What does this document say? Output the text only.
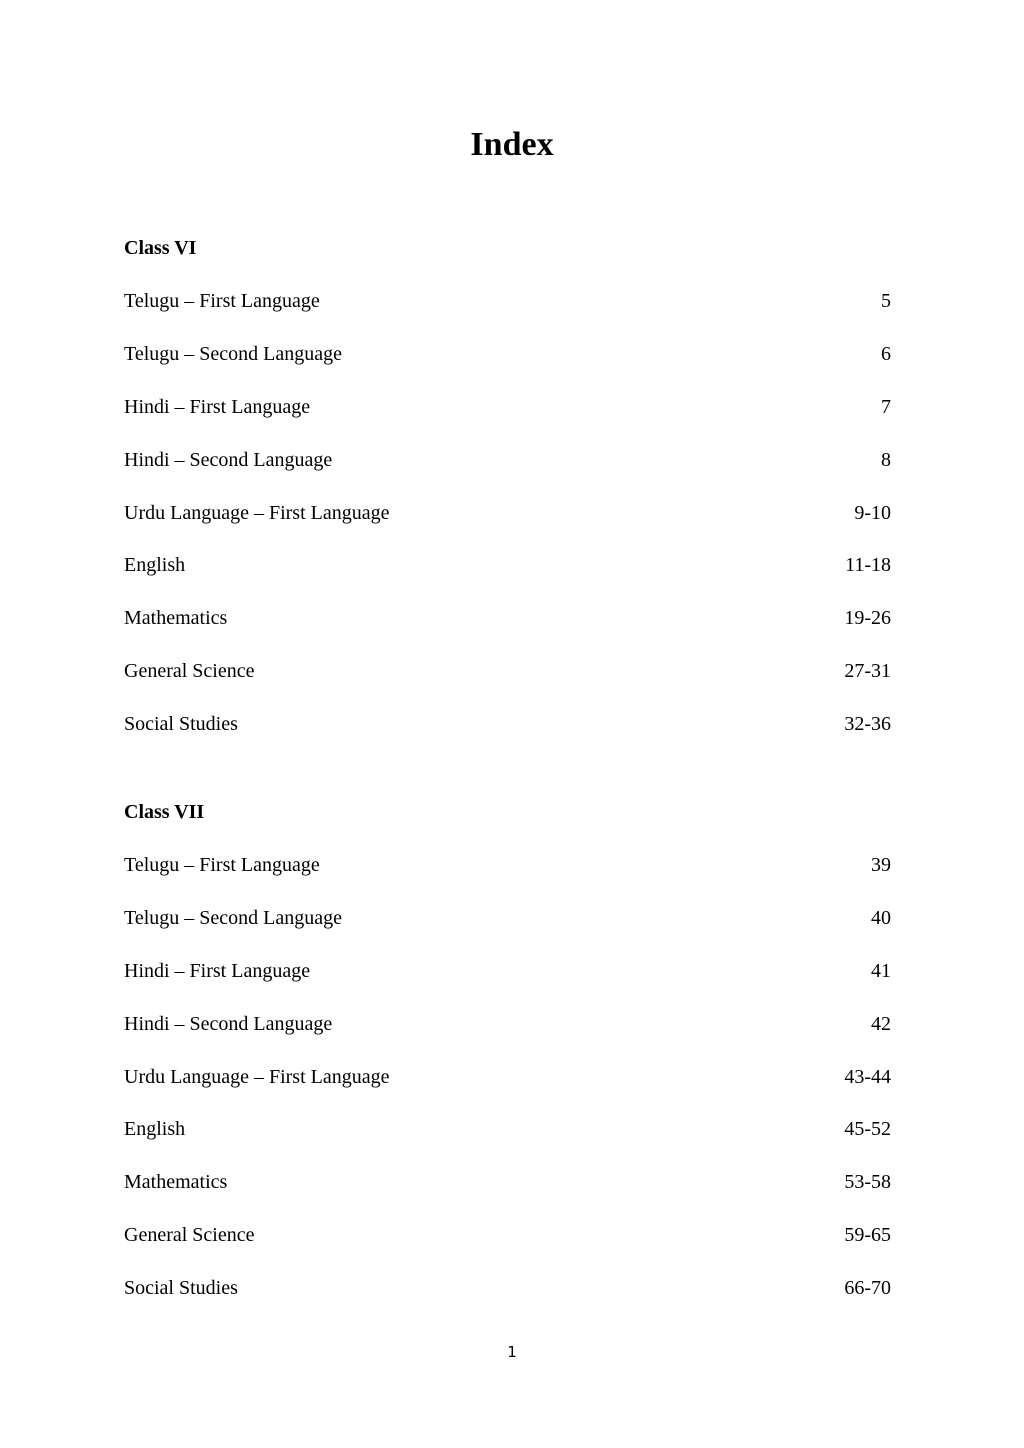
Index
Class VI
Telugu – First Language	5
Telugu – Second Language	6
Hindi – First Language	7
Hindi – Second Language	8
Urdu Language – First Language	9-10
English	11-18
Mathematics	19-26
General Science	27-31
Social Studies	32-36
Class VII
Telugu – First Language	39
Telugu – Second Language	40
Hindi – First Language	41
Hindi – Second Language	42
Urdu Language – First Language	43-44
English	45-52
Mathematics	53-58
General Science	59-65
Social Studies	66-70
1
